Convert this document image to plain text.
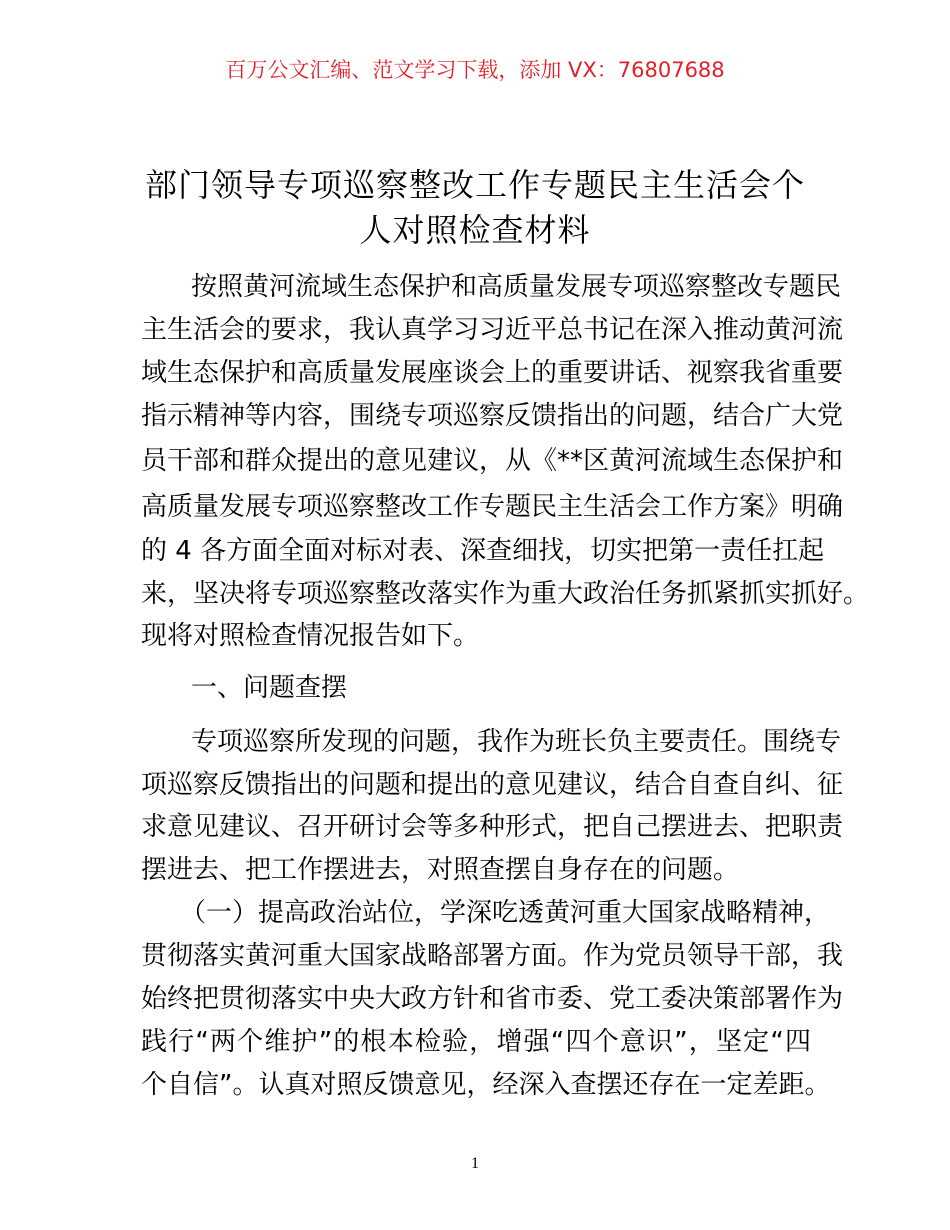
百万公文汇编、范文学习下载，添加 VX：76807688
部门领导专项巡察整改工作专题民主生活会个
人对照检查材料
按照黄河流域生态保护和高质量发展专项巡察整改专题民
主生活会的要求，我认真学习习近平总书记在深入推动黄河流
域生态保护和高质量发展座谈会上的重要讲话、视察我省重要
指示精神等内容，围绕专项巡察反馈指出的问题，结合广大党
员干部和群众提出的意见建议，从《**区黄河流域生态保护和
高质量发展专项巡察整改工作专题民主生活会工作方案》明确
的 4 各方面全面对标对表、深查细找，切实把第一责任扛起
来，坚决将专项巡察整改落实作为重大政治任务抓紧抓实抓好。
现将对照检查情况报告如下。
一、问题查摆
专项巡察所发现的问题，我作为班长负主要责任。围绕专
项巡察反馈指出的问题和提出的意见建议，结合自查自纠、征
求意见建议、召开研讨会等多种形式，把自己摆进去、把职责
摆进去、把工作摆进去，对照查摆自身存在的问题。
（一）提高政治站位，学深吃透黄河重大国家战略精神，
贯彻落实黄河重大国家战略部署方面。作为党员领导干部，我
始终把贯彻落实中央大政方针和省市委、党工委决策部署作为
践行“两个维护”的根本检验，增强“四个意识”，坚定“四
个自信”。认真对照反馈意见，经深入查摆还存在一定差距。
1
